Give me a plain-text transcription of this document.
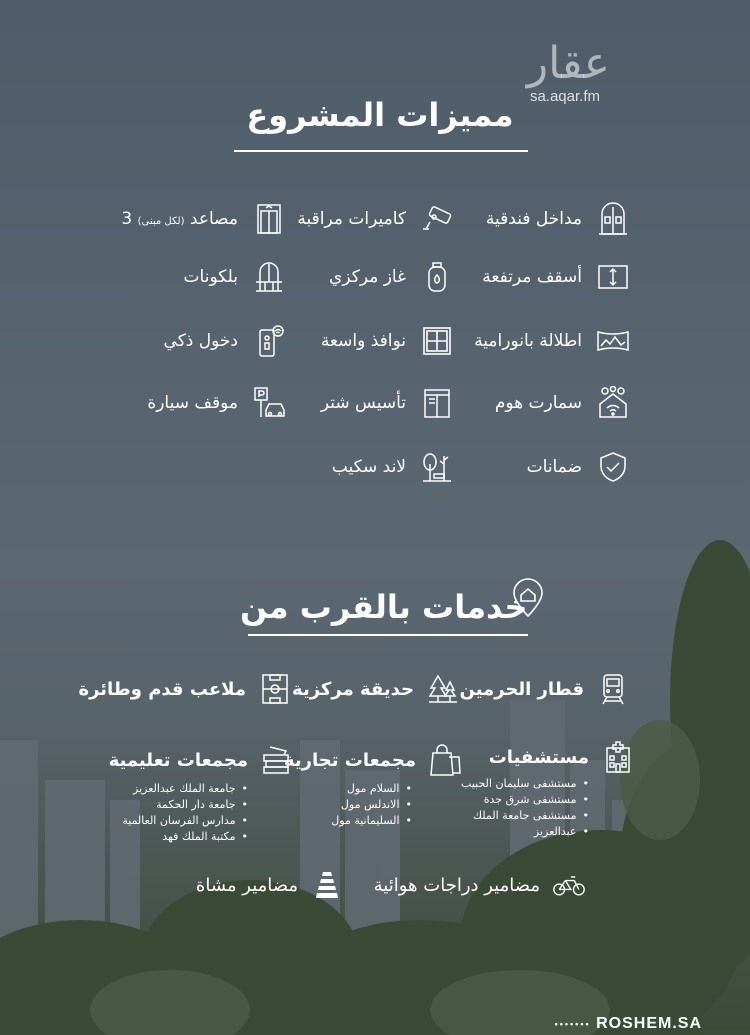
عقار
sa.aqar.fm
مميزات المشروع
مداخل فندقية
كاميرات مراقبة
3 مصاعد (لكل مبنى)
أسقف مرتفعة
غاز مركزي
بلكونات
اطلالة بانورامية
نوافذ واسعة
دخول ذكي
سمارت هوم
تأسيس شتر
موقف سيارة
ضمانات
لاند سكيب
خدمات بالقرب من
قطار الحرمين
حديقة مركزية
ملاعب قدم وطائرة
مستشفيات
• مستشفى سليمان الحبيب
• مستشفى شرق جدة
• مستشفى جامعة الملك
• عبدالعزيز
مجمعات تجارية
• السلام مول
• الاندلس مول
• السليمانية مول
مجمعات تعليمية
• جامعة الملك عبدالعزيز
• جامعة دار الحكمة
• مدارس الفرسان العالمية
• مكتبة الملك فهد
مضامير دراجات هوائية
مضامير مشاة
••••••• ROSHEM.SA
